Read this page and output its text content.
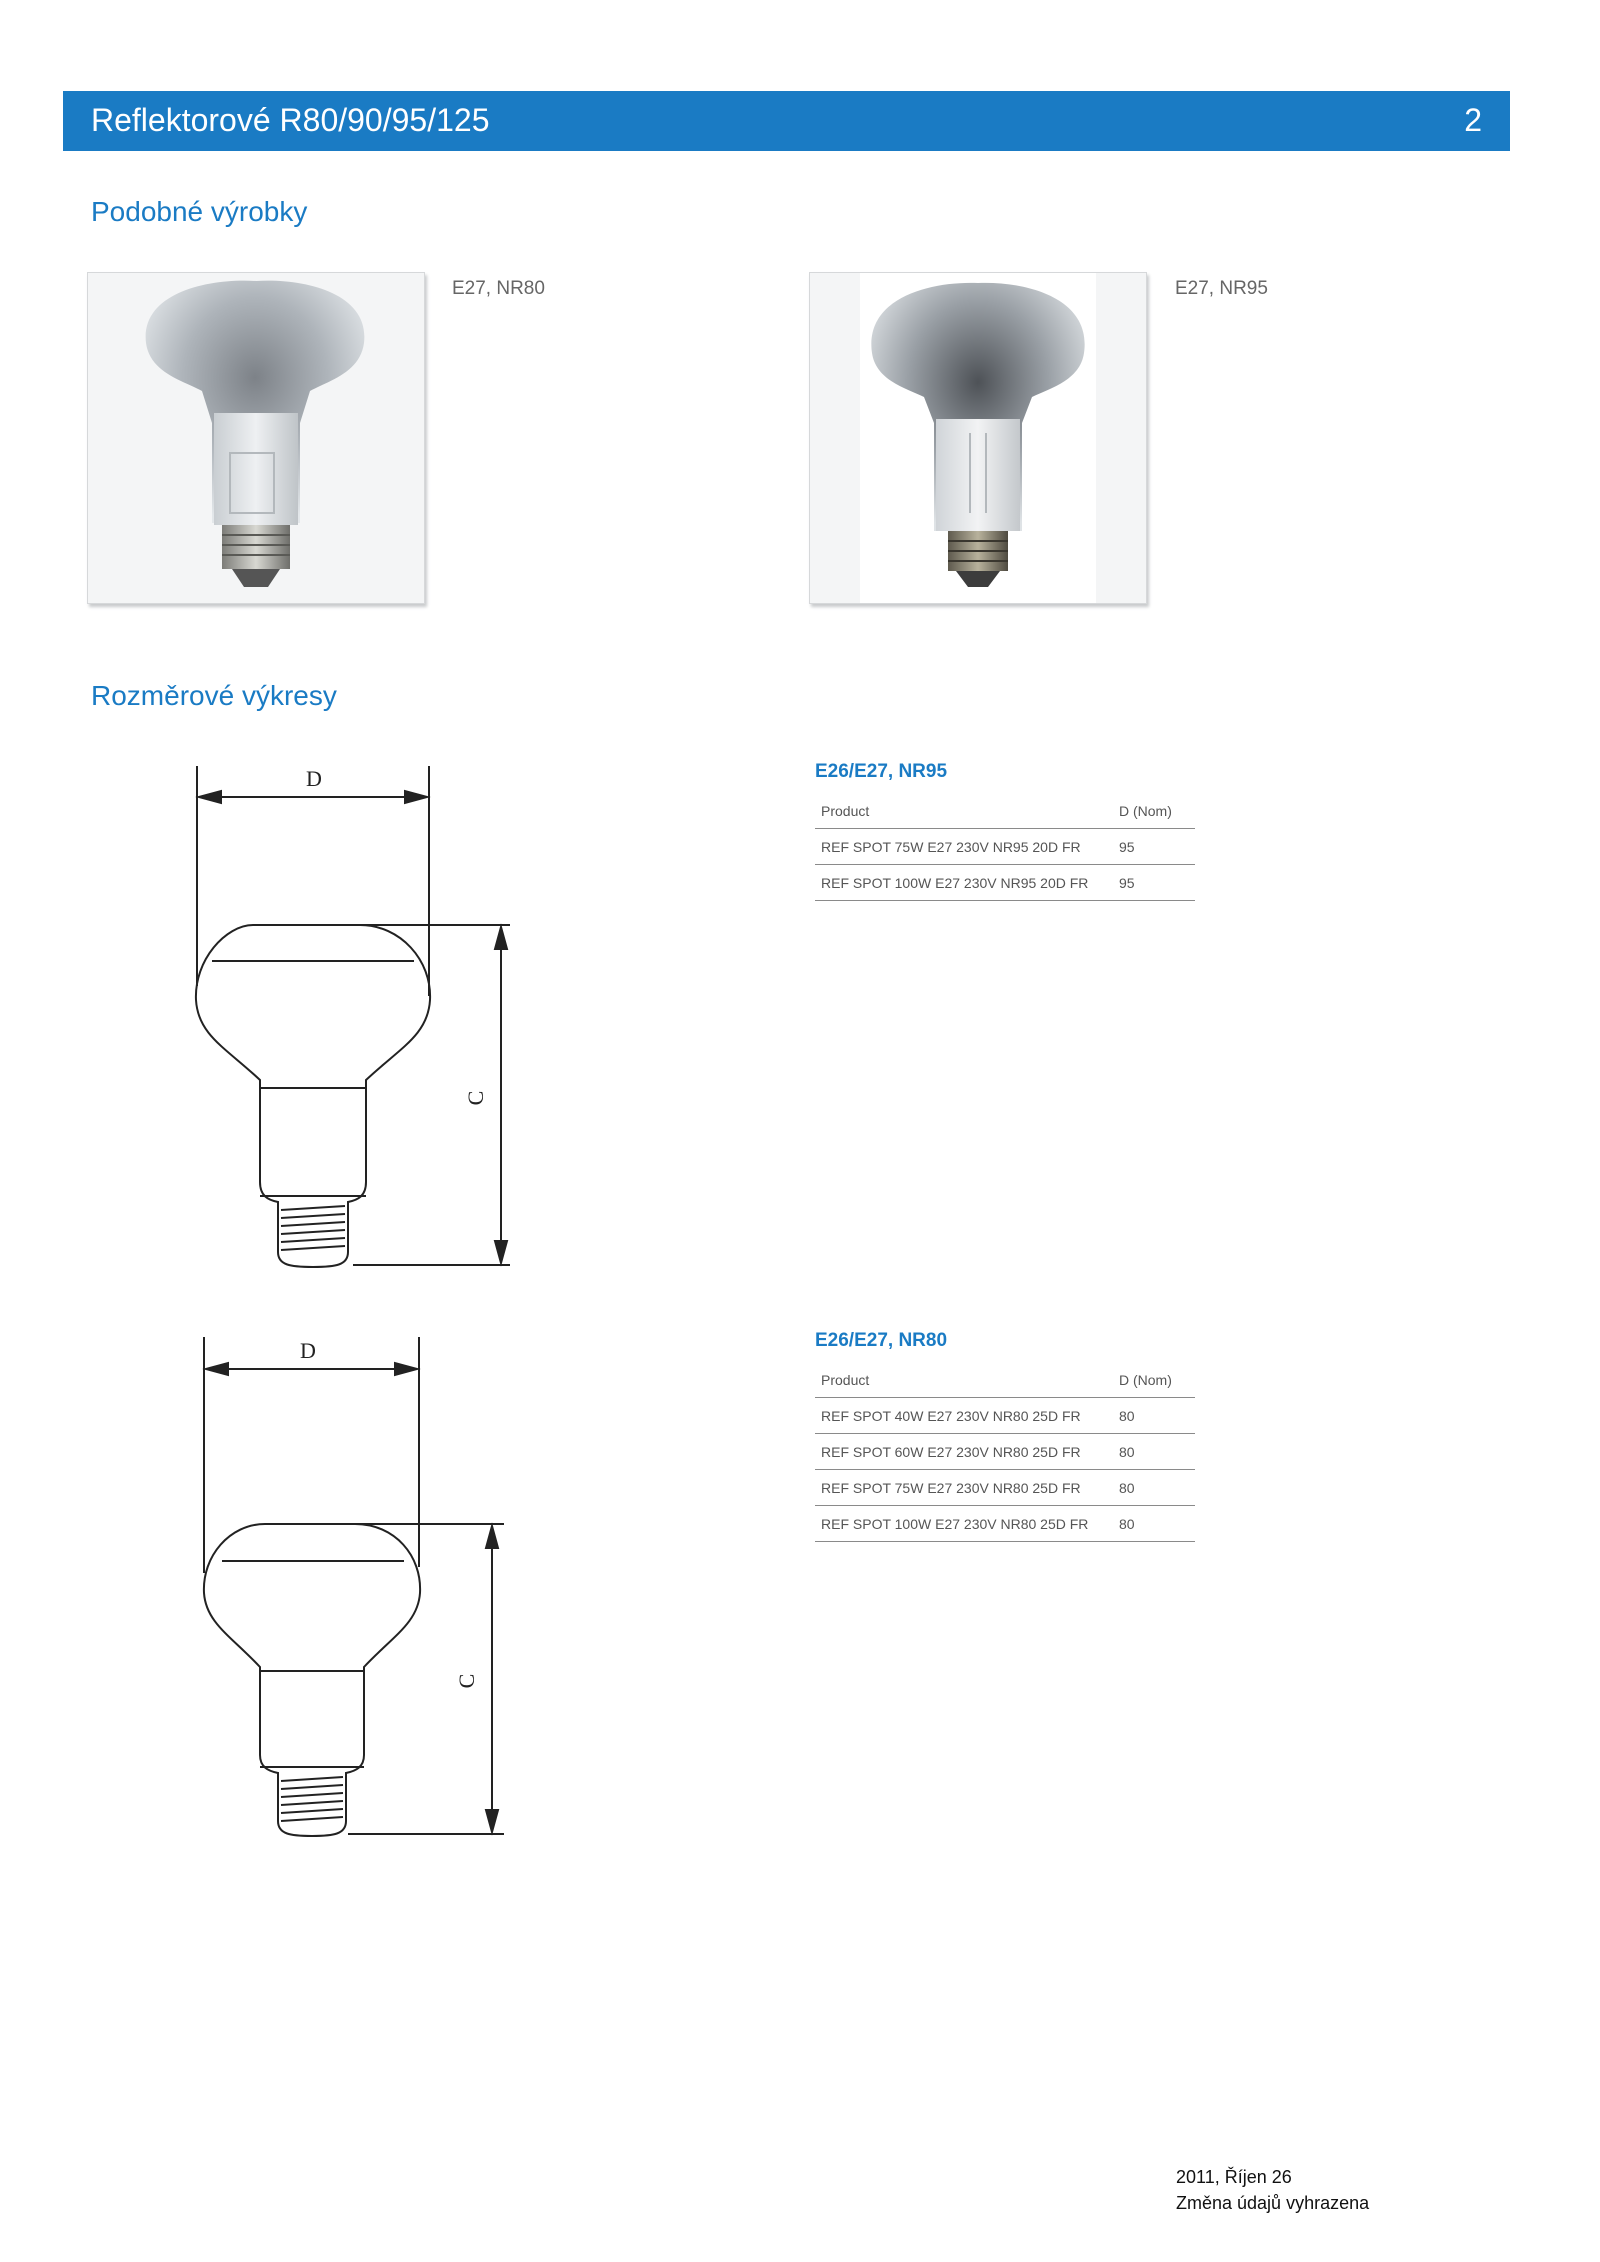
Reflektorové R80/90/95/125	2
Podobné výrobky
E27, NR80	E27, NR95
Rozměrové výkresy
D
C
D
C
E26/E27, NR95
Product	D (Nom)
REF SPOT 75W E27 230V NR95 20D FR	95
REF SPOT 100W E27 230V NR95 20D FR	95
E26/E27, NR80
Product	D (Nom)
REF SPOT 40W E27 230V NR80 25D FR	80
REF SPOT 60W E27 230V NR80 25D FR	80
REF SPOT 75W E27 230V NR80 25D FR	80
REF SPOT 100W E27 230V NR80 25D FR	80
2011, Říjen 26
Změna údajů vyhrazena
